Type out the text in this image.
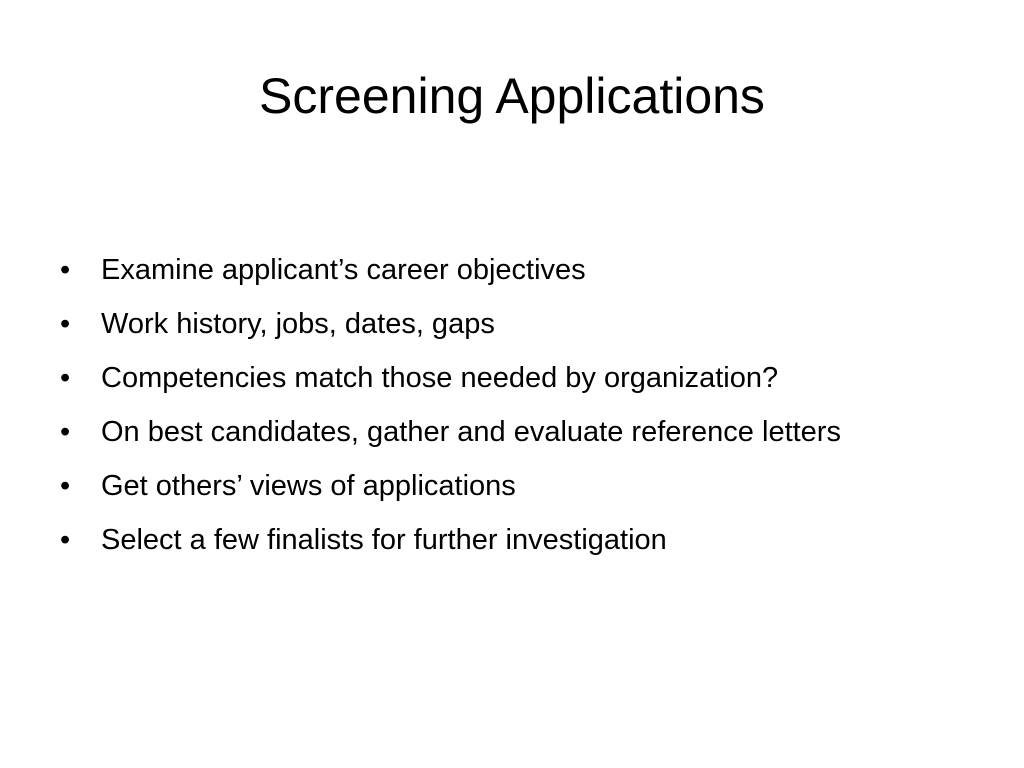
Screening Applications
•	Examine applicant’s career objectives
•	Work history, jobs, dates, gaps
•	Competencies match those needed by organization?
•	On best candidates, gather and evaluate reference letters
•	Get others’ views of applications
•	Select a few finalists for further investigation
